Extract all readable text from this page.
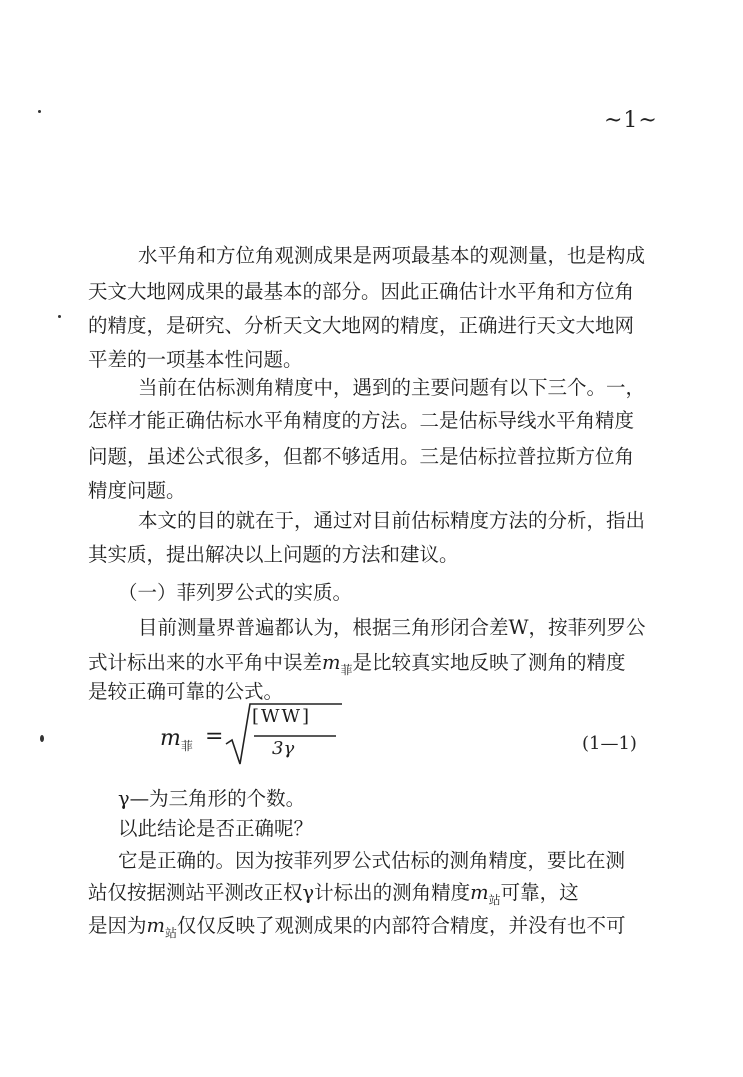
~1~
水平角和方位角观测成果是两项最基本的观测量，也是构成
天文大地网成果的最基本的部分。因此正确估计水平角和方位角
的精度，是研究、分析天文大地网的精度，正确进行天文大地网
平差的一项基本性问题。
当前在估标测角精度中，遇到的主要问题有以下三个。一，
怎样才能正确估标水平角精度的方法。二是估标导线水平角精度
问题，虽述公式很多，但都不够适用。三是估标拉普拉斯方位角
精度问题。
本文的目的就在于，通过对目前估标精度方法的分析，指出
其实质，提出解决以上问题的方法和建议。
（一）菲列罗公式的实质。
目前测量界普遍都认为，根据三角形闭合差W，按菲列罗公
式计标出来的水平角中误差$m_菲$是比较真实地反映了测角的精度
是较正确可靠的公式。
$m_菲$ =
[WW]
3γ	(1—1)
γ—为三角形的个数。
以此结论是否正确呢？
它是正确的。因为按菲列罗公式估标的测角精度，要比在测
站仅按据测站平测改正权γ计标出的测角精度$m_站$可靠，这
是因为$m_站$仅仅反映了观测成果的内部符合精度，并没有也不可
